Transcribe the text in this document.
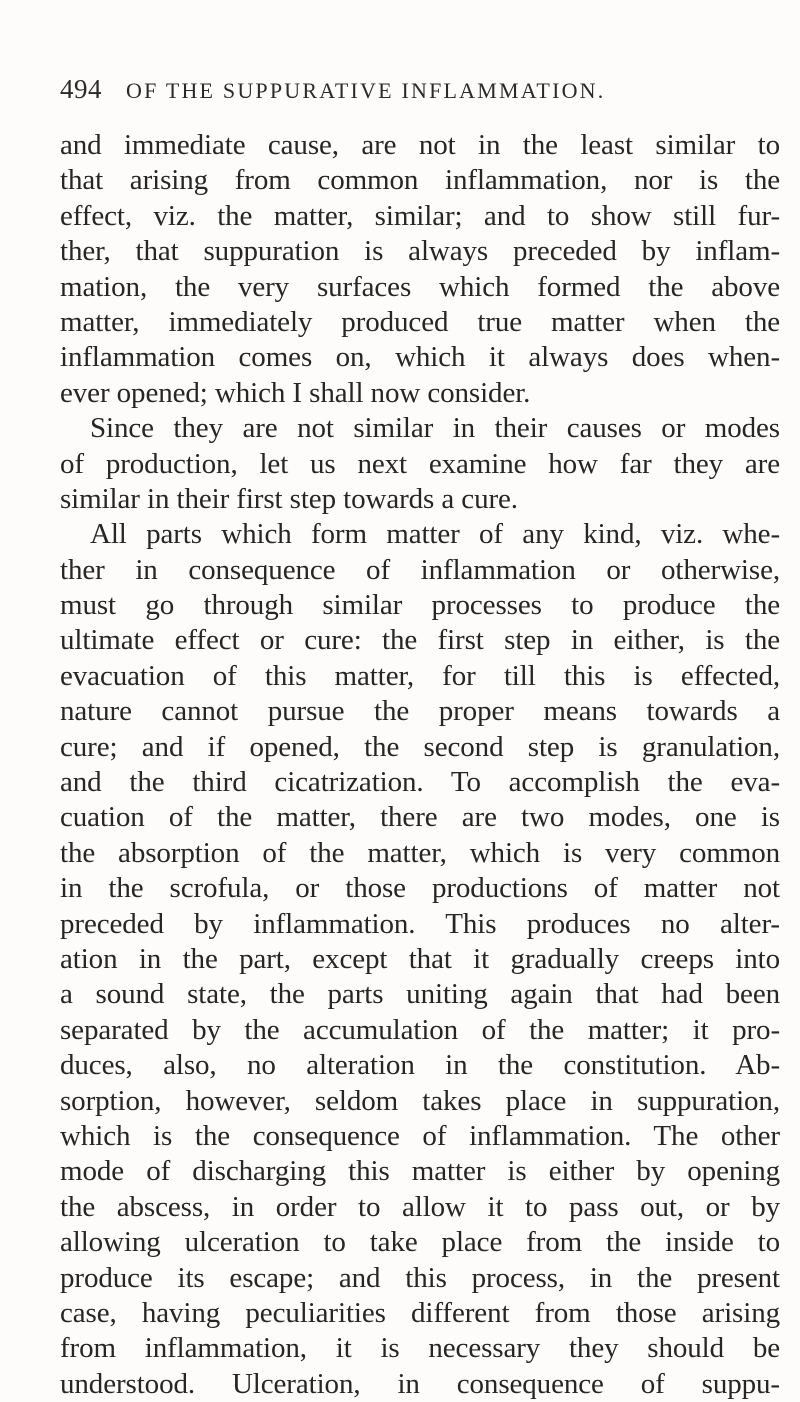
494 OF THE SUPPURATIVE INFLAMMATION.
and immediate cause, are not in the least similar to
that arising from common inflammation, nor is the
effect, viz. the matter, similar; and to show still fur-
ther, that suppuration is always preceded by inflam-
mation, the very surfaces which formed the above
matter, immediately produced true matter when the
inflammation comes on, which it always does when-
ever opened; which I shall now consider.
Since they are not similar in their causes or modes
of production, let us next examine how far they are
similar in their first step towards a cure.
All parts which form matter of any kind, viz. whe-
ther in consequence of inflammation or otherwise,
must go through similar processes to produce the
ultimate effect or cure: the first step in either, is the
evacuation of this matter, for till this is effected,
nature cannot pursue the proper means towards a
cure; and if opened, the second step is granulation,
and the third cicatrization. To accomplish the eva-
cuation of the matter, there are two modes, one is
the absorption of the matter, which is very common
in the scrofula, or those productions of matter not
preceded by inflammation. This produces no alter-
ation in the part, except that it gradually creeps into
a sound state, the parts uniting again that had been
separated by the accumulation of the matter; it pro-
duces, also, no alteration in the constitution. Ab-
sorption, however, seldom takes place in suppuration,
which is the consequence of inflammation. The other
mode of discharging this matter is either by opening
the abscess, in order to allow it to pass out, or by
allowing ulceration to take place from the inside to
produce its escape; and this process, in the present
case, having peculiarities different from those arising
from inflammation, it is necessary they should be
understood. Ulceration, in consequence of suppu-
